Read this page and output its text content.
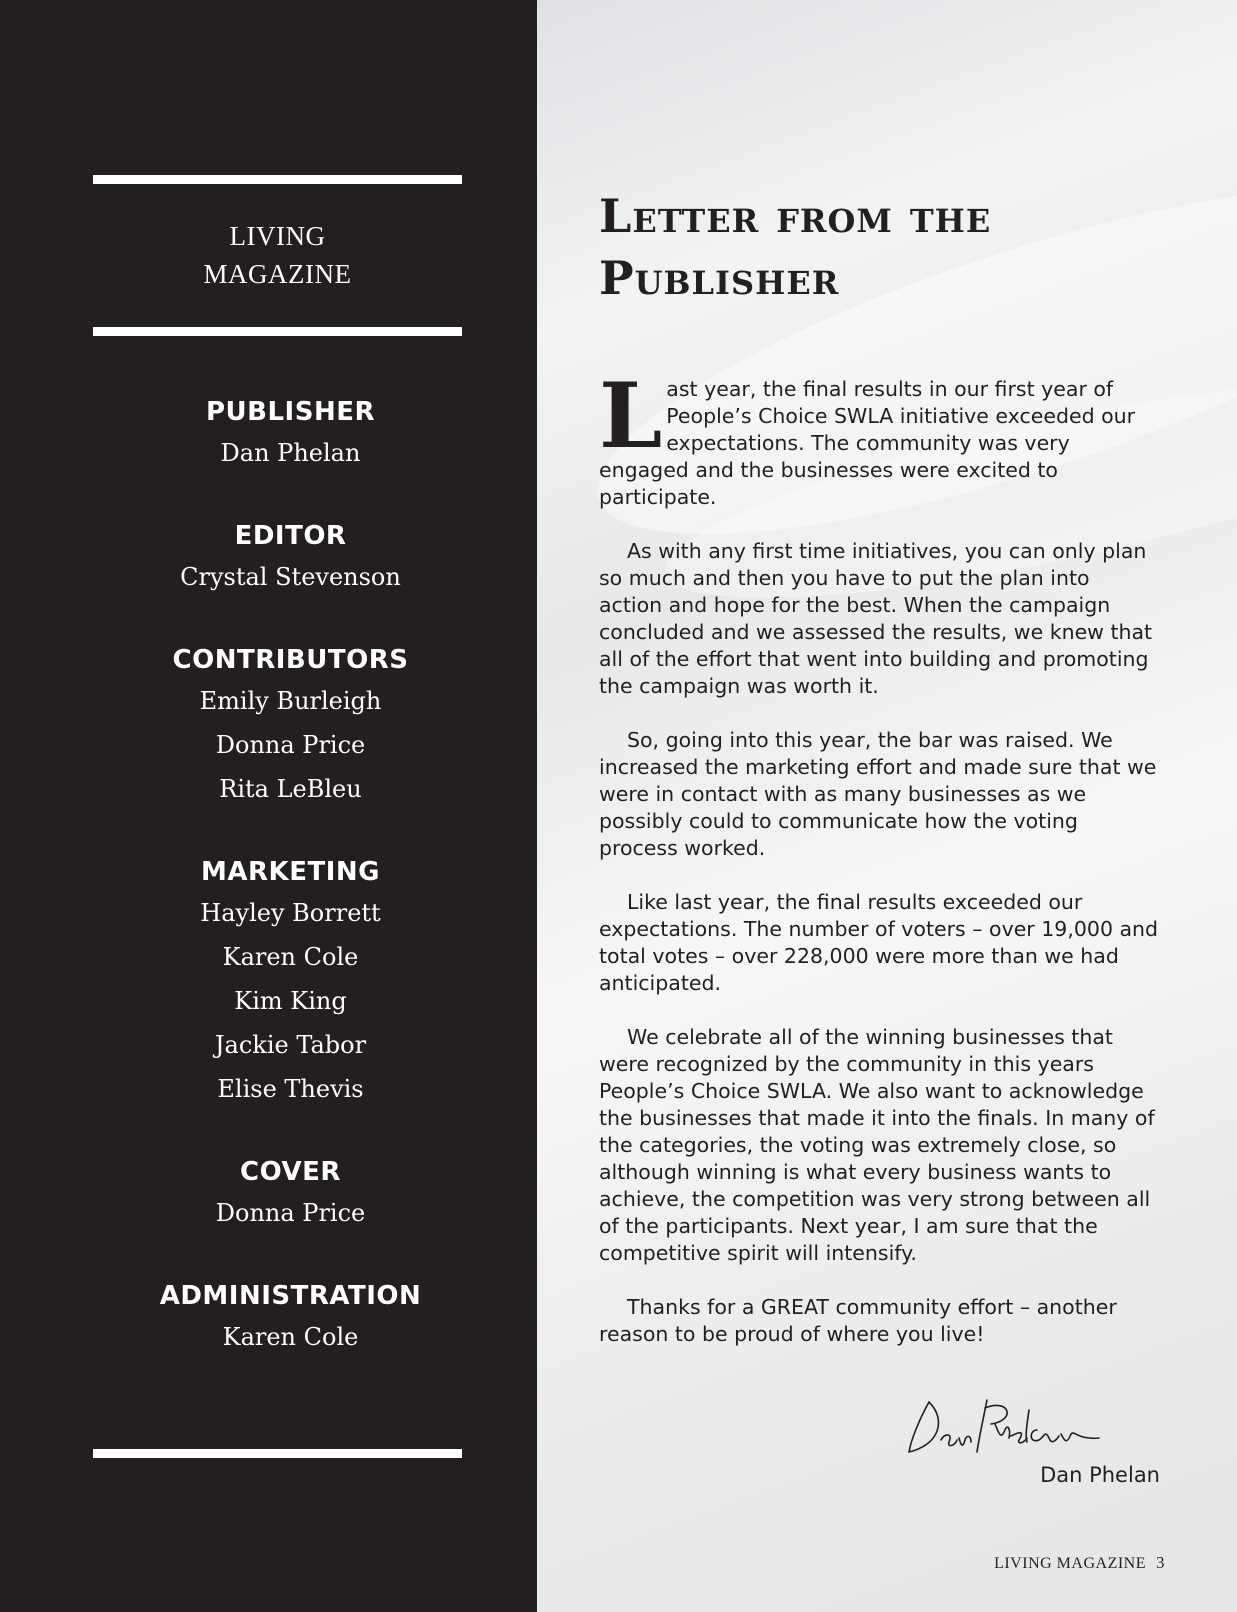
LIVING
MAGAZINE
PUBLISHER
Dan Phelan
EDITOR
Crystal Stevenson
CONTRIBUTORS
Emily Burleigh
Donna Price
Rita LeBleu
MARKETING
Hayley Borrett
Karen Cole
Kim King
Jackie Tabor
Elise Thevis
COVER
Donna Price
ADMINISTRATION
Karen Cole
Letter from the
Publisher

Last year, the final results in our first year of People’s Choice SWLA initiative exceeded our expectations. The community was very engaged and the businesses were excited to participate.

As with any first time initiatives, you can only plan so much and then you have to put the plan into action and hope for the best. When the campaign concluded and we assessed the results, we knew that all of the effort that went into building and promoting the campaign was worth it.

So, going into this year, the bar was raised. We increased the marketing effort and made sure that we were in contact with as many businesses as we possibly could to communicate how the voting process worked.

Like last year, the final results exceeded our expectations. The number of voters – over 19,000 and total votes – over 228,000 were more than we had anticipated.

We celebrate all of the winning businesses that were recognized by the community in this years People’s Choice SWLA. We also want to acknowledge the businesses that made it into the finals. In many of the categories, the voting was extremely close, so although winning is what every business wants to achieve, the competition was very strong between all of the participants. Next year, I am sure that the competitive spirit will intensify.

Thanks for a GREAT community effort – another reason to be proud of where you live!

Dan Phelan
LIVING MAGAZINE 3
